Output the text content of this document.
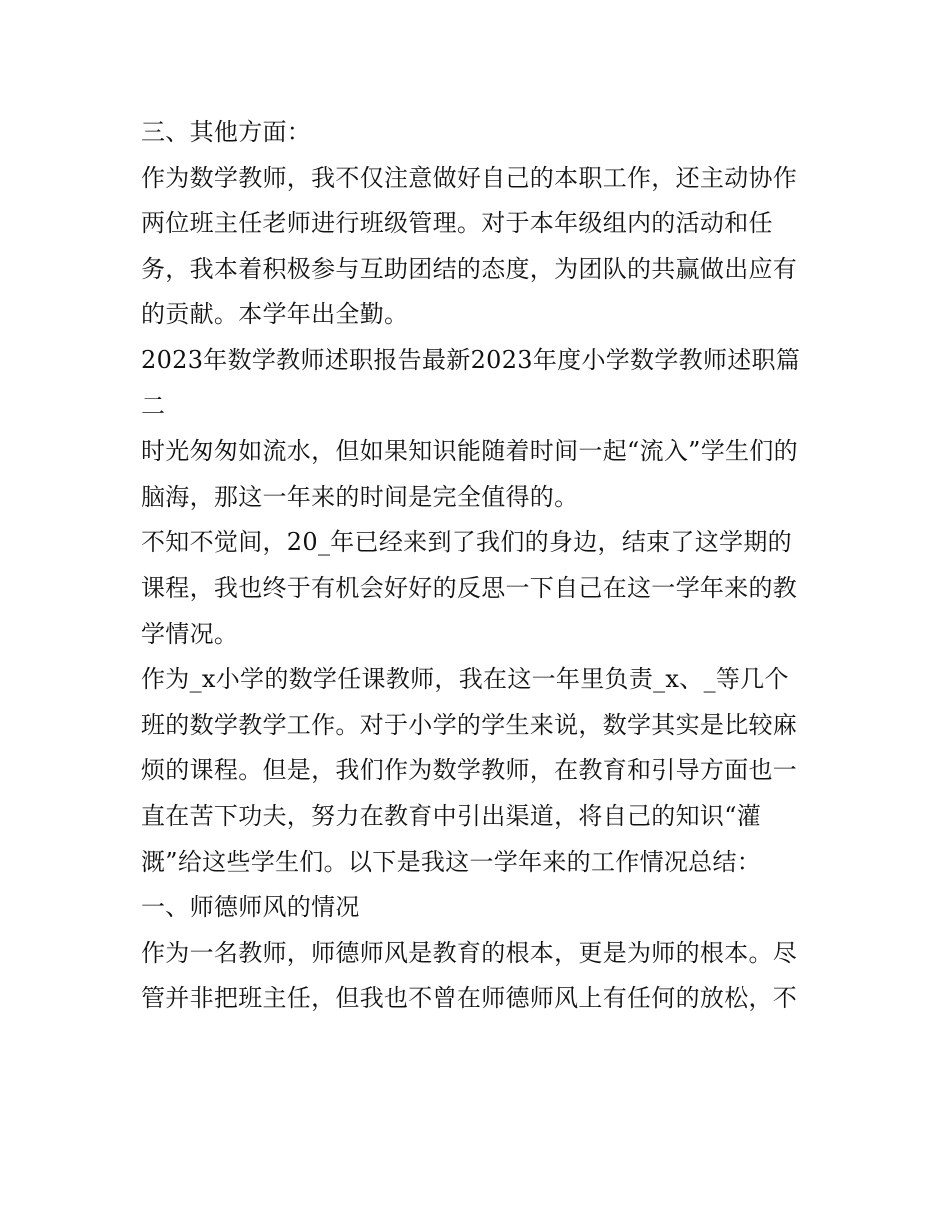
三、其他方面：
作为数学教师，我不仅注意做好自己的本职工作，还主动协作
两位班主任老师进行班级管理。对于本年级组内的活动和任
务，我本着积极参与互助团结的态度，为团队的共赢做出应有
的贡献。本学年出全勤。
2023年数学教师述职报告最新2023年度小学数学教师述职篇
二
时光匆匆如流水，但如果知识能随着时间一起“流入”学生们的
脑海，那这一年来的时间是完全值得的。
不知不觉间，20_年已经来到了我们的身边，结束了这学期的
课程，我也终于有机会好好的反思一下自己在这一学年来的教
学情况。
作为_x小学的数学任课教师，我在这一年里负责_x、_等几个
班的数学教学工作。对于小学的学生来说，数学其实是比较麻
烦的课程。但是，我们作为数学教师，在教育和引导方面也一
直在苦下功夫，努力在教育中引出渠道，将自己的知识“灌
溉”给这些学生们。以下是我这一学年来的工作情况总结：
一、师德师风的情况
作为一名教师，师德师风是教育的根本，更是为师的根本。尽
管并非把班主任，但我也不曾在师德师风上有任何的放松，不
